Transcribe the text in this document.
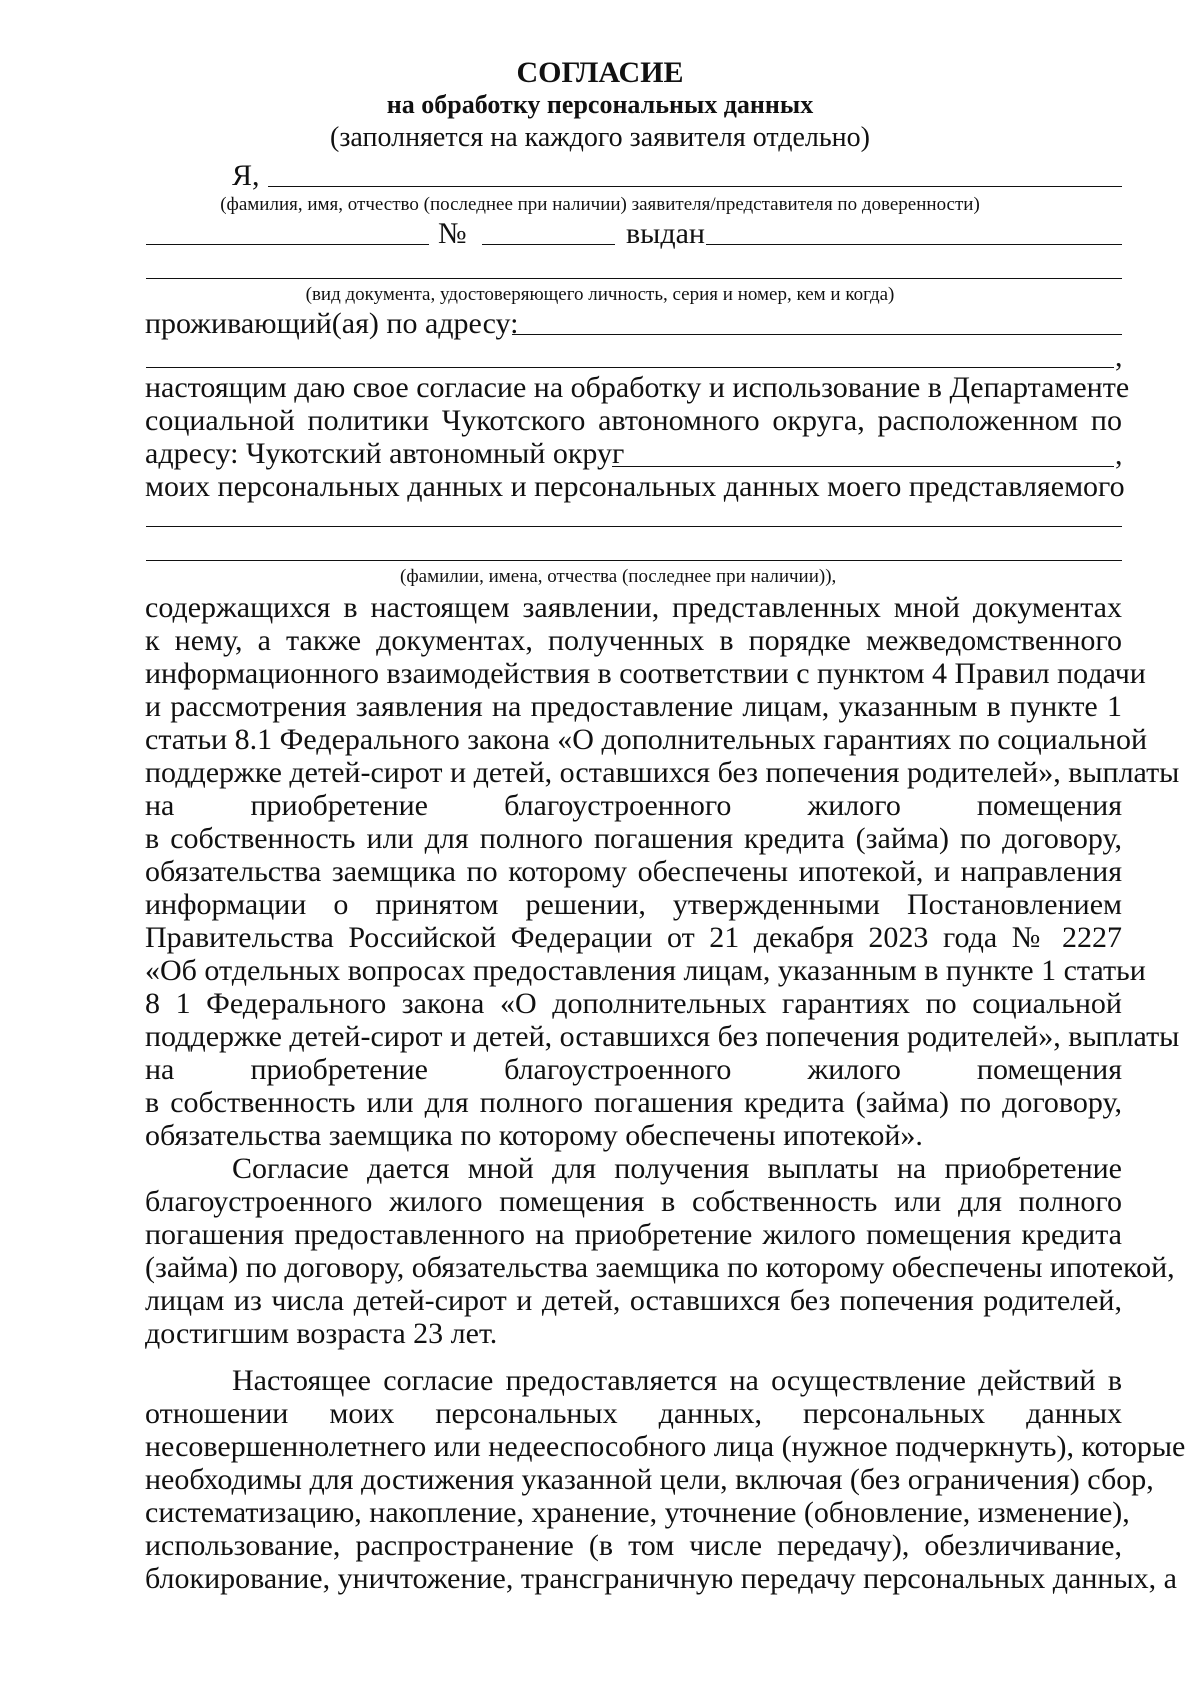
СОГЛАСИЕ
на обработку персональных данных
(заполняется на каждого заявителя отдельно)
Я,
(фамилия, имя, отчество (последнее при наличии) заявителя/представителя по доверенности)
№	выдан
(вид документа, удостоверяющего личность, серия и номер, кем и когда)
проживающий(ая) по адресу:
,
настоящим даю свое согласие на обработку и использование в Департаменте
социальной политики Чукотского автономного округа, расположенном по
адресу: Чукотский автономный округ	,
моих персональных данных и персональных данных моего представляемого
(фамилии, имена, отчества (последнее при наличии)),
содержащихся в настоящем заявлении, представленных мной документах
к нему, а также документах, полученных в порядке межведомственного
информационного взаимодействия в соответствии с пунктом 4 Правил подачи
и рассмотрения заявления на предоставление лицам, указанным в пункте 1
статьи 8.1 Федерального закона «О дополнительных гарантиях по социальной
поддержке детей-сирот и детей, оставшихся без попечения родителей», выплаты
на приобретение благоустроенного жилого помещения
в собственность или для полного погашения кредита (займа) по договору,
обязательства заемщика по которому обеспечены ипотекой, и направления
информации о принятом решении, утвержденными Постановлением
Правительства Российской Федерации от 21 декабря 2023 года № 2227
«Об отдельных вопросах предоставления лицам, указанным в пункте 1 статьи
8 1 Федерального закона «О дополнительных гарантиях по социальной
поддержке детей-сирот и детей, оставшихся без попечения родителей», выплаты
на приобретение благоустроенного жилого помещения
в собственность или для полного погашения кредита (займа) по договору,
обязательства заемщика по которому обеспечены ипотекой».
Согласие дается мной для получения выплаты на приобретение
благоустроенного жилого помещения в собственность или для полного
погашения предоставленного на приобретение жилого помещения кредита
(займа) по договору, обязательства заемщика по которому обеспечены ипотекой,
лицам из числа детей-сирот и детей, оставшихся без попечения родителей,
достигшим возраста 23 лет.
Настоящее согласие предоставляется на осуществление действий в
отношении моих персональных данных, персональных данных
несовершеннолетнего или недееспособного лица (нужное подчеркнуть), которые
необходимы для достижения указанной цели, включая (без ограничения) сбор,
систематизацию, накопление, хранение, уточнение (обновление, изменение),
использование, распространение (в том числе передачу), обезличивание,
блокирование, уничтожение, трансграничную передачу персональных данных, а
